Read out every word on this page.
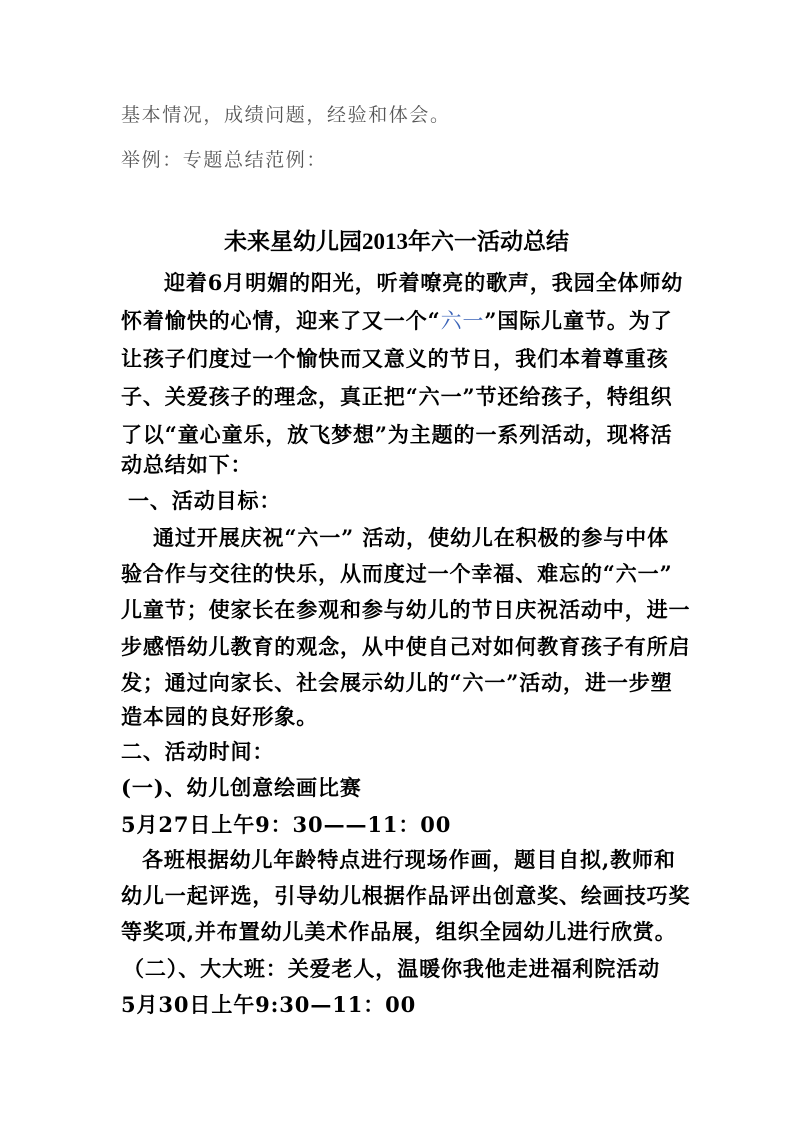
基本情况，成绩问题，经验和体会。
举例：专题总结范例：
未来星幼儿园2013年六一活动总结
迎着6月明媚的阳光，听着嘹亮的歌声，我园全体师幼
怀着愉快的心情，迎来了又一个“六一”国际儿童节。为了
让孩子们度过一个愉快而又意义的节日，我们本着尊重孩
子、关爱孩子的理念，真正把“六一”节还给孩子，特组织
了以“童心童乐，放飞梦想”为主题的一系列活动，现将活
动总结如下：
一、活动目标：
通过开展庆祝“六一” 活动，使幼儿在积极的参与中体
验合作与交往的快乐，从而度过一个幸福、难忘的“六一”
儿童节；使家长在参观和参与幼儿的节日庆祝活动中，进一
步感悟幼儿教育的观念，从中使自己对如何教育孩子有所启
发；通过向家长、社会展示幼儿的“六一”活动，进一步塑
造本园的良好形象。
二、活动时间：
(一)、幼儿创意绘画比赛
5月27日上午9：30——11：00
各班根据幼儿年龄特点进行现场作画，题目自拟,教师和
幼儿一起评选，引导幼儿根据作品评出创意奖、绘画技巧奖
等奖项,并布置幼儿美术作品展，组织全园幼儿进行欣赏。
（二）、大大班：关爱老人，温暖你我他走进福利院活动
5月30日上午9:30—11：00
